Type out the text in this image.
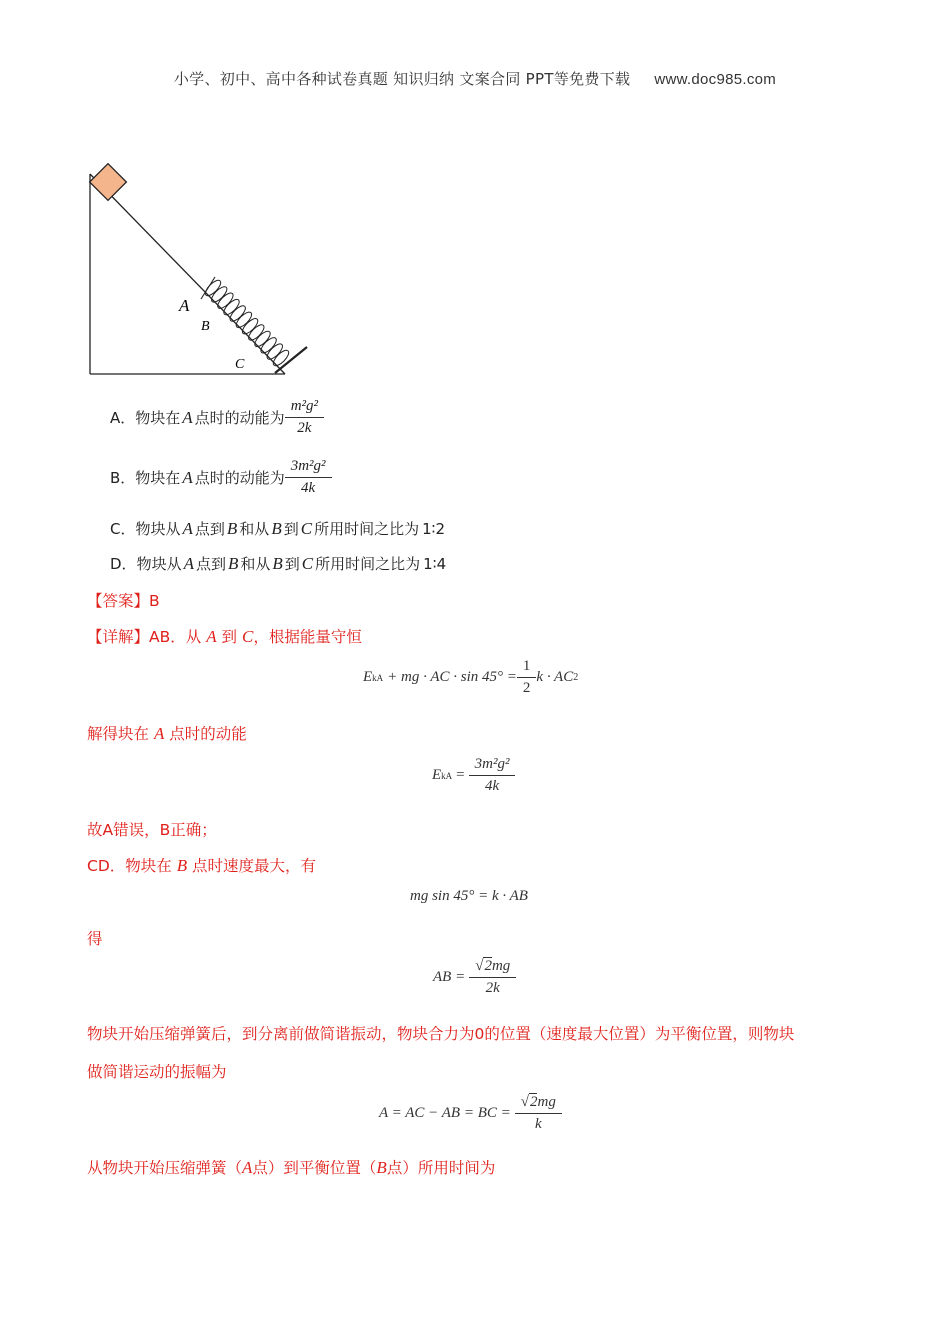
小学、初中、高中各种试卷真题 知识归纳 文案合同 PPT等免费下载 www.doc985.com
A
B
C
A． 物块在 A 点时的动能为 $\frac{\text{m²g²}}{2k}$
B． 物块在 A 点时的动能为 $\frac{\text{3m²g²}}{4k}$
C． 物块从 A 点到 B 和从 B 到 C 所用时间之比为 1∶2
D． 物块从 A 点到 B 和从 B 到 C 所用时间之比为 1∶4
【答案】B
【详解】AB．从 A 到 C，根据能量守恒
E kA + mg · AC · $\sin 45^\circ = \frac{1}{2}$ k · AC 2
解得块在 A 点时的动能
E kA = $\frac{\text{3m²g²}}{4k}$
故A错误，B正确；
CD．物块在 B 点时速度最大，有
mg sin 45° = k · AB
得
AB = $\frac{√2mg}{2k}$
物块开始压缩弹簧后，到分离前做简谐振动，物块合力为0的位置（速度最大位置）为平衡位置，则物块
做简谐运动的振幅为
A = AC − AB = BC = $\frac{√2mg}{k}$
从物块开始压缩弹簧（A点）到平衡位置（B点）所用时间为
